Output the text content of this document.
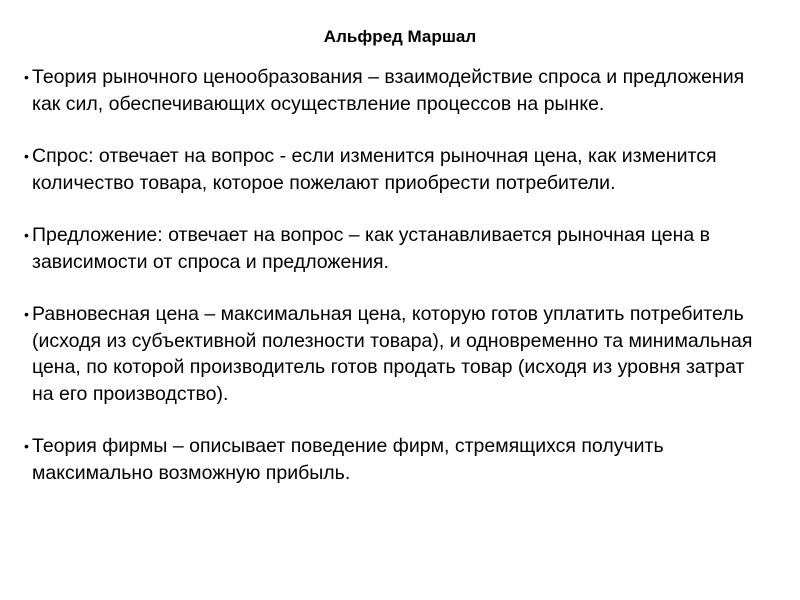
Альфред Маршал
• Теория рыночного ценообразования – взаимодействие спроса и предложения как сил, обеспечивающих осуществление процессов на рынке.
• Спрос: отвечает на вопрос - если изменится рыночная цена, как изменится количество товара, которое пожелают приобрести потребители.
• Предложение: отвечает на вопрос – как устанавливается рыночная цена в зависимости от спроса и предложения.
• Равновесная цена – максимальная цена, которую готов уплатить потребитель (исходя из субъективной полезности товара), и одновременно та минимальная цена, по которой производитель готов продать товар (исходя из уровня затрат на его производство).
• Теория фирмы – описывает поведение фирм, стремящихся получить максимально возможную прибыль.
